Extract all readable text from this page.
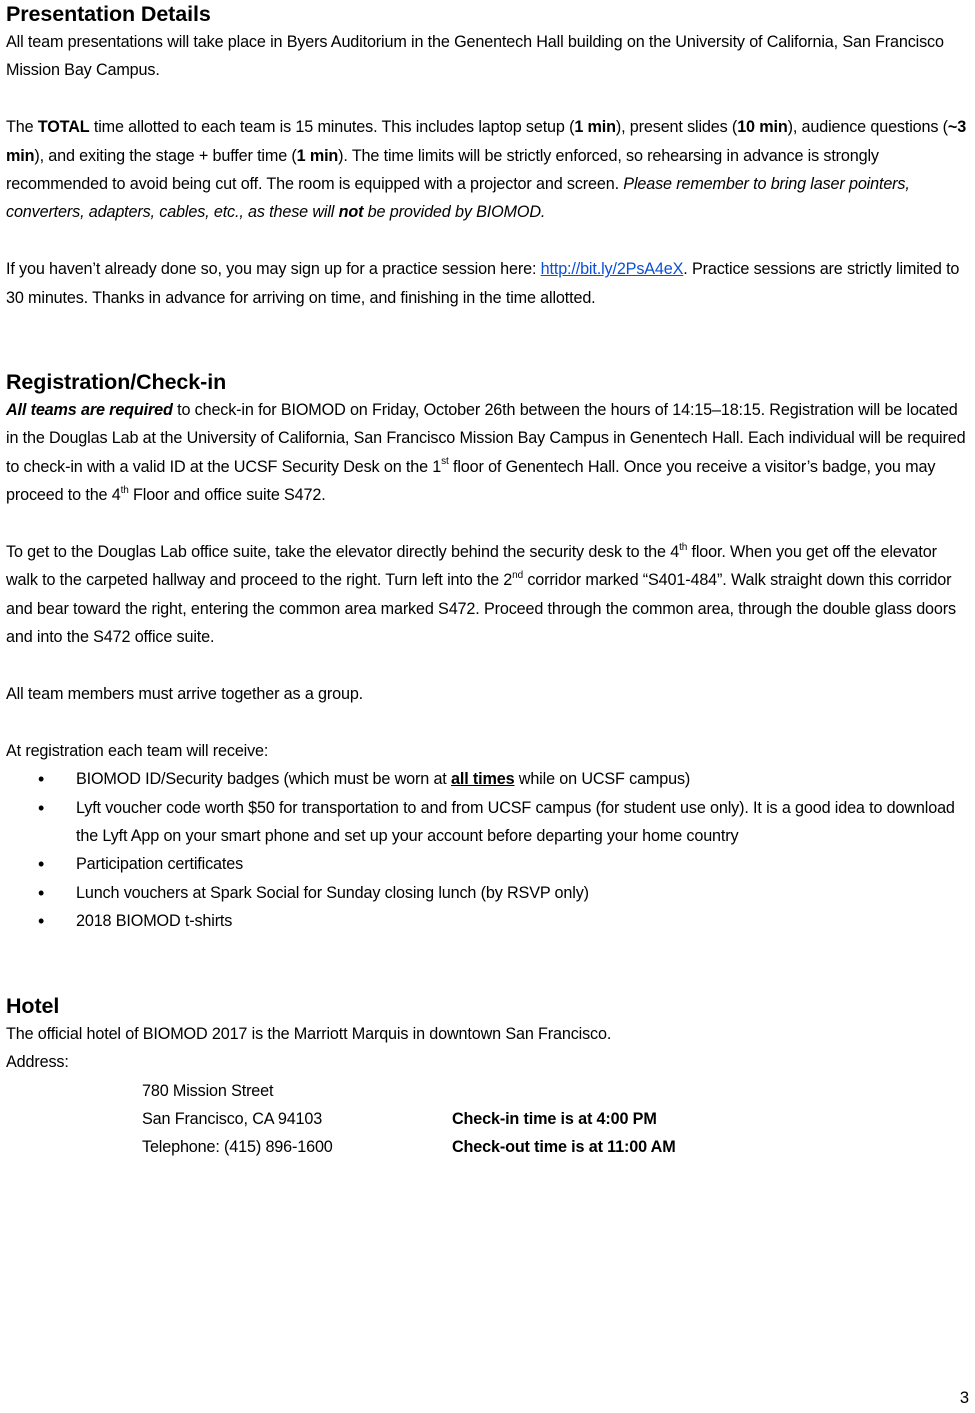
Presentation Details

All team presentations will take place in Byers Auditorium in the Genentech Hall building on the University of California, San Francisco Mission Bay Campus.

The TOTAL time allotted to each team is 15 minutes. This includes laptop setup (1 min), present slides (10 min), audience questions (~3 min), and exiting the stage + buffer time (1 min). The time limits will be strictly enforced, so rehearsing in advance is strongly recommended to avoid being cut off. The room is equipped with a projector and screen. Please remember to bring laser pointers, converters, adapters, cables, etc., as these will not be provided by BIOMOD.

If you haven’t already done so, you may sign up for a practice session here: http://bit.ly/2PsA4eX. Practice sessions are strictly limited to 30 minutes. Thanks in advance for arriving on time, and finishing in the time allotted.

Registration/Check-in

All teams are required to check-in for BIOMOD on Friday, October 26th between the hours of 14:15–18:15. Registration will be located in the Douglas Lab at the University of California, San Francisco Mission Bay Campus in Genentech Hall. Each individual will be required to check-in with a valid ID at the UCSF Security Desk on the 1st floor of Genentech Hall. Once you receive a visitor’s badge, you may proceed to the 4th Floor and office suite S472.

To get to the Douglas Lab office suite, take the elevator directly behind the security desk to the 4th floor. When you get off the elevator walk to the carpeted hallway and proceed to the right. Turn left into the 2nd corridor marked “S401-484”. Walk straight down this corridor and bear toward the right, entering the common area marked S472. Proceed through the common area, through the double glass doors and into the S472 office suite.

All team members must arrive together as a group.

At registration each team will receive:

• BIOMOD ID/Security badges (which must be worn at all times while on UCSF campus)
• Lyft voucher code worth $50 for transportation to and from UCSF campus (for student use only). It is a good idea to download the Lyft App on your smart phone and set up your account before departing your home country
• Participation certificates
• Lunch vouchers at Spark Social for Sunday closing lunch (by RSVP only)
• 2018 BIOMOD t-shirts
Hotel

The official hotel of BIOMOD 2017 is the Marriott Marquis in downtown San Francisco.

Address:

780 Mission Street
San Francisco, CA 94103	Check-in time is at 4:00 PM
Telephone: (415) 896-1600	Check-out time is at 11:00 AM
3
